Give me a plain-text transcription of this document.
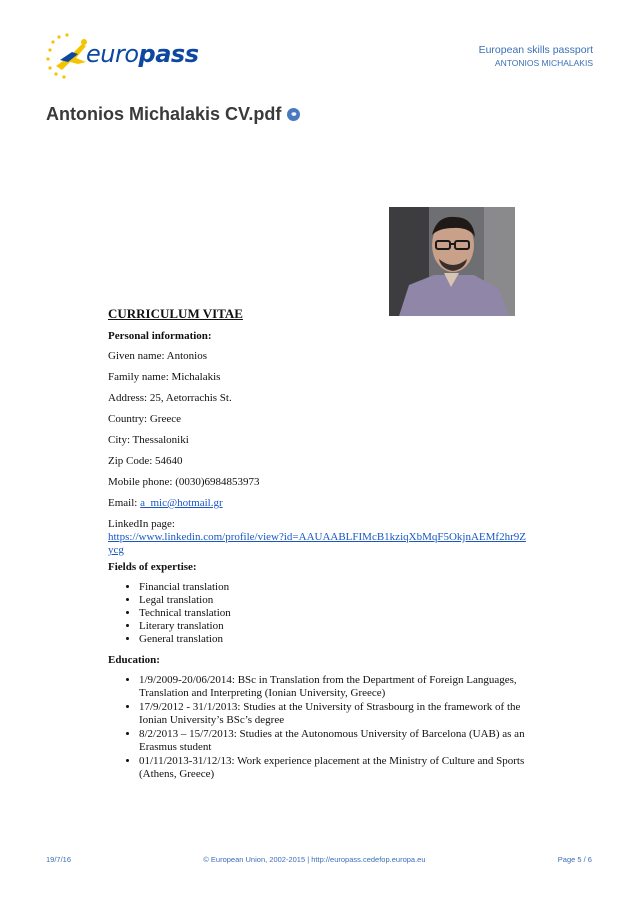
europass	European skills passport
ANTONIOS MICHALAKIS
Antonios Michalakis CV.pdf ⚭
CURRICULUM VITAE
Personal information:
Given name: Antonios
Family name: Michalakis
Address: 25, Aetorrachis St.
Country: Greece
City: Thessaloniki
Zip Code: 54640
Mobile phone: (0030)6984853973
Email: a_mic@hotmail.gr
LinkedIn page:
https://www.linkedin.com/profile/view?id=AAUAABLFIMcB1kziqXbMqF5OkjnAEMf2hr9Zycg
Fields of expertise:
• Financial translation
• Legal translation
• Technical translation
• Literary translation
• General translation
Education:
• 1/9/2009-20/06/2014: BSc in Translation from the Department of Foreign Languages, Translation and Interpreting (Ionian University, Greece)
• 17/9/2012 - 31/1/2013: Studies at the University of Strasbourg in the framework of the Ionian University’s BSc’s degree
• 8/2/2013 – 15/7/2013: Studies at the Autonomous University of Barcelona (UAB) as an Erasmus student
• 01/11/2013-31/12/13: Work experience placement at the Ministry of Culture and Sports (Athens, Greece)
19/7/16	© European Union, 2002-2015 | http://europass.cedefop.europa.eu	Page 5 / 6
